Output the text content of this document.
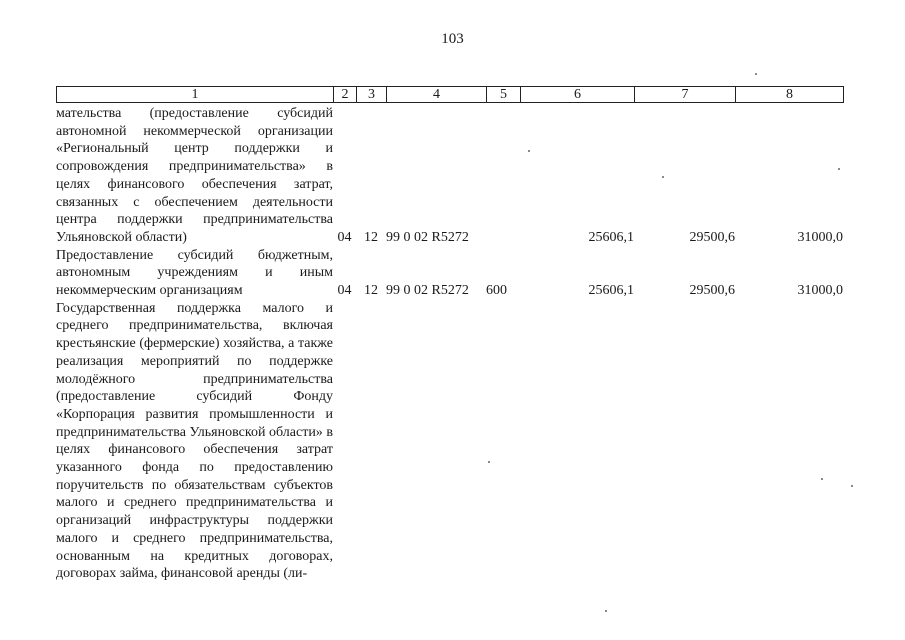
103
1	2	3	4	5	6	7	8
мательства (предоставление субсидий автономной некоммерческой организации «Региональный центр поддержки и сопровождения предпринимательства» в целях финансового обеспечения затрат, связанных с обеспечением деятельности центра поддержки предпринимательства Ульяновской области)	04	12	99 0 02 R5272		25606,1	29500,6	31000,0
Предоставление субсидий бюджетным, автономным учреждениям и иным некоммерческим организациям	04	12	99 0 02 R5272	600	25606,1	29500,6	31000,0
Государственная поддержка малого и среднего предпринимательства, включая крестьянские (фермерские) хозяйства, а также реализация мероприятий по поддержке молодёжного предпринимательства (предоставление субсидий Фонду «Корпорация развития промышленности и предпринимательства Ульяновской области» в целях финансового обеспечения затрат указанного фонда по предоставлению поручительств по обязательствам субъектов малого и среднего предпринимательства и организаций инфраструктуры поддержки малого и среднего предпринимательства, основанным на кредитных договорах, договорах займа, финансовой аренды (ли-							
